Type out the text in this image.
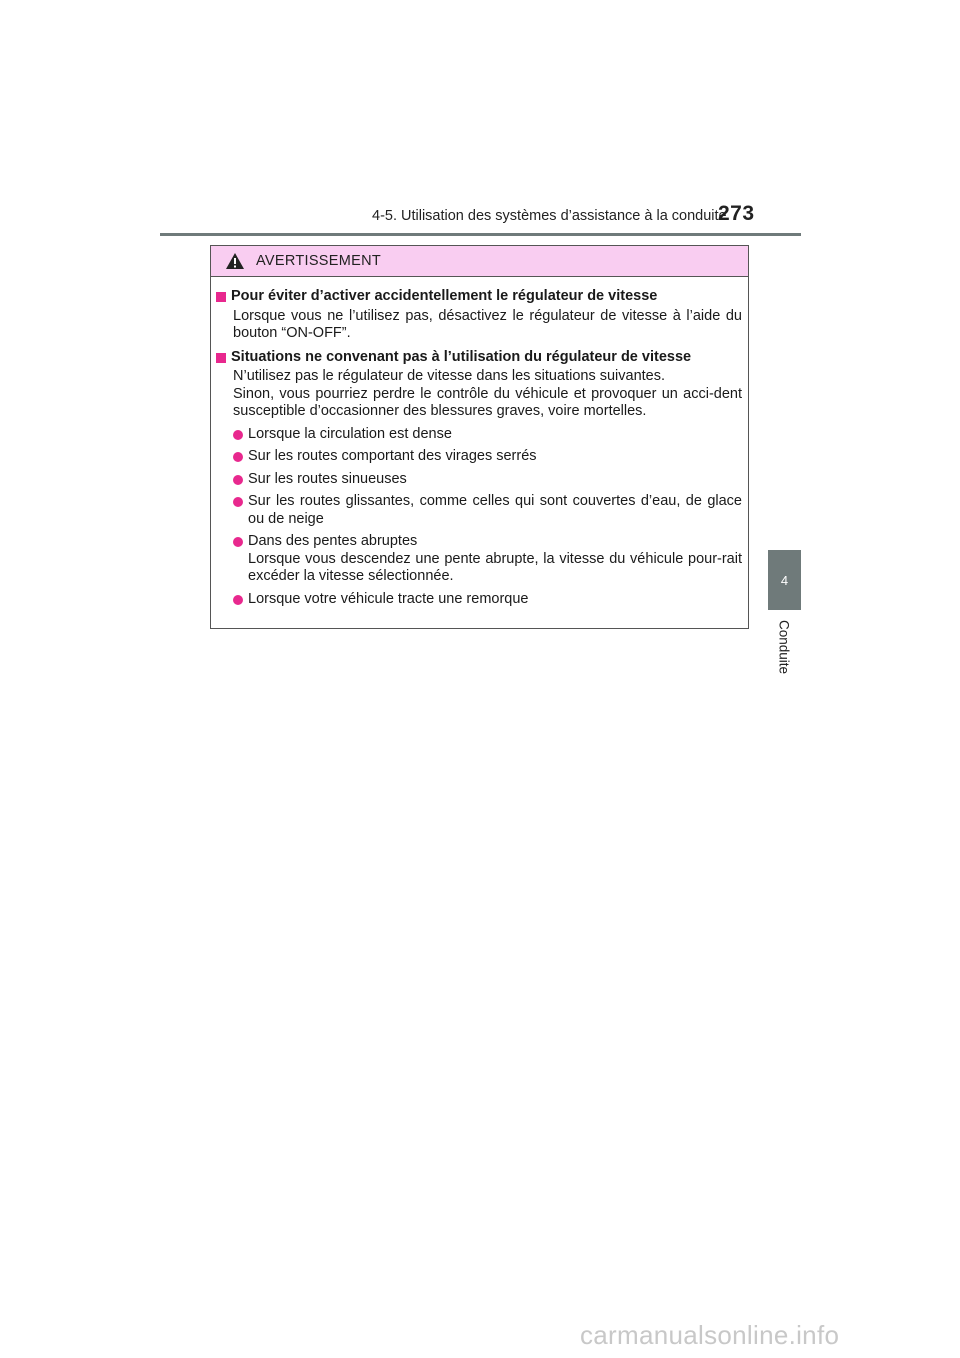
4-5. Utilisation des systèmes d’assistance à la conduite
273
4
Conduite
AVERTISSEMENT
Pour éviter d’activer accidentellement le régulateur de vitesse
Lorsque vous ne l’utilisez pas, désactivez le régulateur de vitesse à l’aide du bouton “ON-OFF”.
Situations ne convenant pas à l’utilisation du régulateur de vitesse
N’utilisez pas le régulateur de vitesse dans les situations suivantes.
Sinon, vous pourriez perdre le contrôle du véhicule et provoquer un acci-dent susceptible d’occasionner des blessures graves, voire mortelles.
Lorsque la circulation est dense
Sur les routes comportant des virages serrés
Sur les routes sinueuses
Sur les routes glissantes, comme celles qui sont couvertes d’eau, de glace ou de neige
Dans des pentes abruptes
Lorsque vous descendez une pente abrupte, la vitesse du véhicule pour-rait excéder la vitesse sélectionnée.
Lorsque votre véhicule tracte une remorque
carmanualsonline.info
